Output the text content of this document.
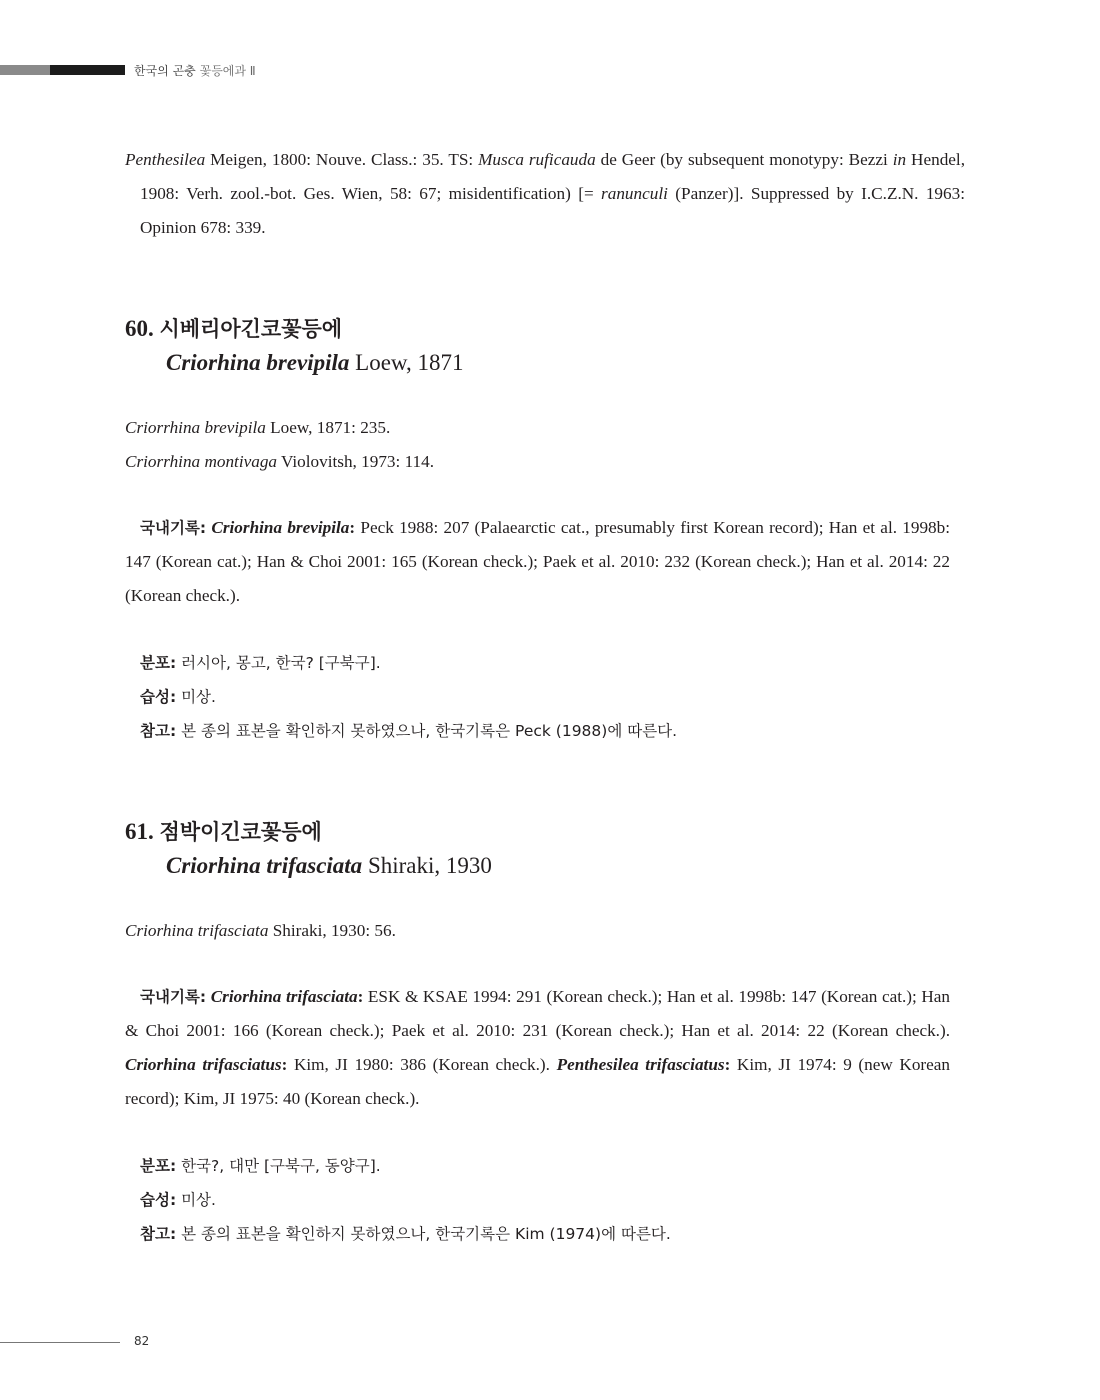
한국의 곤충 꽃등에과 Ⅱ
Penthesilea Meigen, 1800: Nouve. Class.: 35. TS: Musca ruficauda de Geer (by subsequent monotypy: Bezzi in Hendel, 1908: Verh. zool.-bot. Ges. Wien, 58: 67; misidentification) [= ranunculi (Panzer)]. Suppressed by I.C.Z.N. 1963: Opinion 678: 339.
60. 시베리아긴코꽃등에
Criorhina brevipila Loew, 1871
Criorrhina brevipila Loew, 1871: 235.
Criorrhina montivaga Violovitsh, 1973: 114.
국내기록: Criorhina brevipila: Peck 1988: 207 (Palaearctic cat., presumably first Korean record); Han et al. 1998b: 147 (Korean cat.); Han & Choi 2001: 165 (Korean check.); Paek et al. 2010: 232 (Korean check.); Han et al. 2014: 22 (Korean check.).
분포: 러시아, 몽고, 한국? [구북구].
습성: 미상.
참고: 본 종의 표본을 확인하지 못하였으나, 한국기록은 Peck (1988)에 따른다.
61. 점박이긴코꽃등에
Criorhina trifasciata Shiraki, 1930
Criorhina trifasciata Shiraki, 1930: 56.
국내기록: Criorhina trifasciata: ESK & KSAE 1994: 291 (Korean check.); Han et al. 1998b: 147 (Korean cat.); Han & Choi 2001: 166 (Korean check.); Paek et al. 2010: 231 (Korean check.); Han et al. 2014: 22 (Korean check.). Criorhina trifasciatus: Kim, JI 1980: 386 (Korean check.). Penthesilea trifasciatus: Kim, JI 1974: 9 (new Korean record); Kim, JI 1975: 40 (Korean check.).
분포: 한국?, 대만 [구북구, 동양구].
습성: 미상.
참고: 본 종의 표본을 확인하지 못하였으나, 한국기록은 Kim (1974)에 따른다.
82
